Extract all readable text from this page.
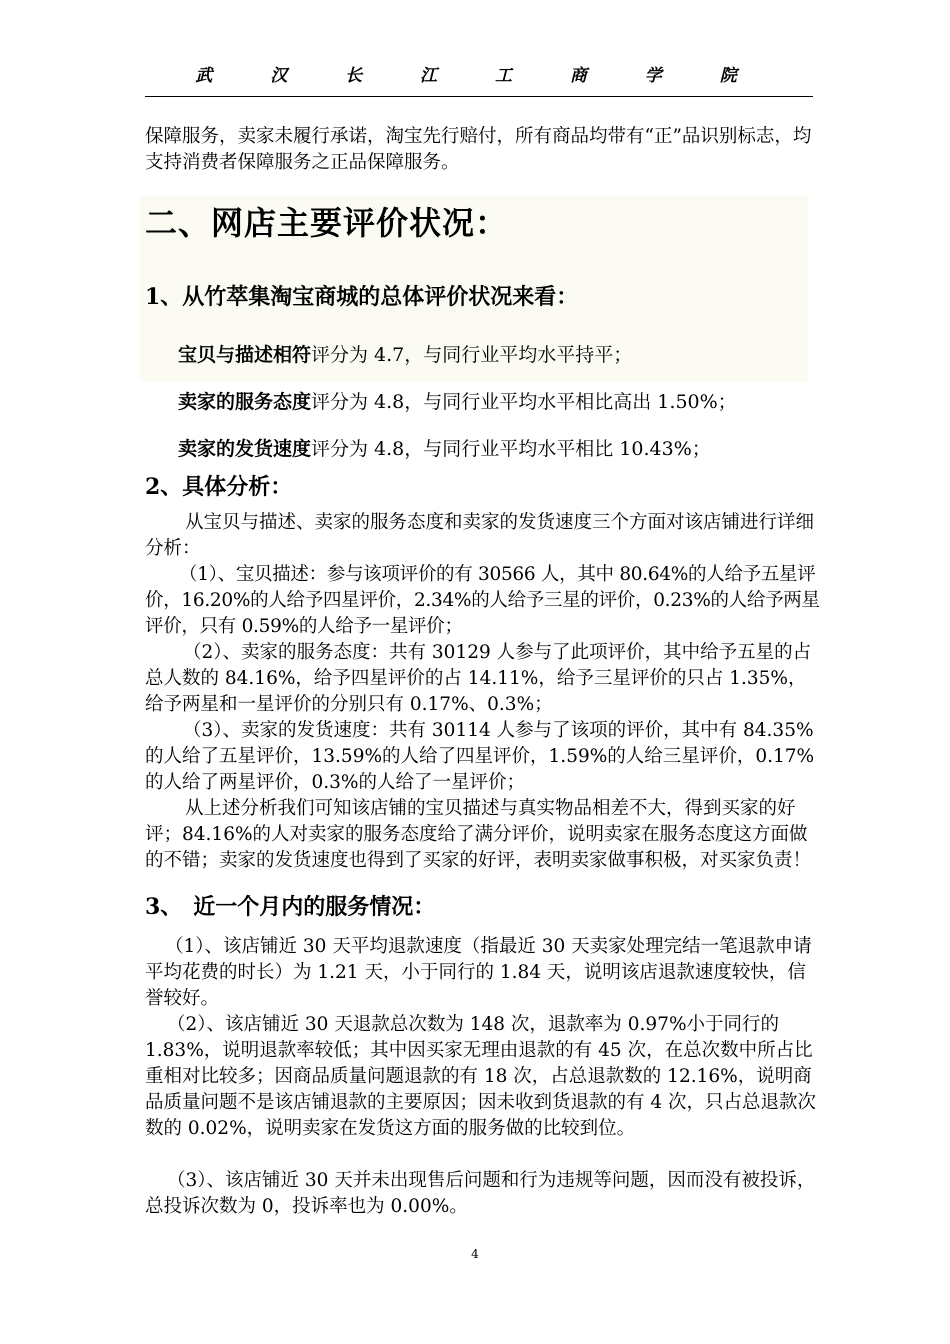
武 汉 长 江 工 商 学 院

保障服务，卖家未履行承诺，淘宝先行赔付，所有商品均带有“正”品识别标志，均支持消费者保障服务之正品保障服务。

二、网店主要评价状况：
1、从竹萃集淘宝商城的总体评价状况来看：

宝贝与描述相符评分为 4.7，与同行业平均水平持平；

卖家的服务态度评分为 4.8，与同行业平均水平相比高出 1.50%；

卖家的发货速度评分为 4.8，与同行业平均水平相比 10.43%；

2、具体分析：

从宝贝与描述、卖家的服务态度和卖家的发货速度三个方面对该店铺进行详细分析：

（1）、宝贝描述：参与该项评价的有 30566 人，其中 80.64%的人给予五星评价，16.20%的人给予四星评价，2.34%的人给予三星的评价，0.23%的人给予两星评价，只有 0.59%的人给予一星评价；

（2）、卖家的服务态度：共有 30129 人参与了此项评价，其中给予五星的占总人数的 84.16%，给予四星评价的占 14.11%，给予三星评价的只占 1.35%，给予两星和一星评价的分别只有 0.17%、0.3%；

（3）、卖家的发货速度：共有 30114 人参与了该项的评价，其中有 84.35%的人给了五星评价，13.59%的人给了四星评价，1.59%的人给三星评价，0.17%的人给了两星评价，0.3%的人给了一星评价；

从上述分析我们可知该店铺的宝贝描述与真实物品相差不大，得到买家的好评；84.16%的人对卖家的服务态度给了满分评价，说明卖家在服务态度这方面做的不错；卖家的发货速度也得到了买家的好评，表明卖家做事积极，对买家负责！

3、　近一个月内的服务情况：

（1）、该店铺近 30 天平均退款速度（指最近 30 天卖家处理完结一笔退款申请平均花费的时长）为 1.21 天，小于同行的 1.84 天，说明该店退款速度较快，信誉较好。

（2）、该店铺近 30 天退款总次数为 148 次，退款率为 0.97%小于同行的 1.83%，说明退款率较低；其中因买家无理由退款的有 45 次，在总次数中所占比重相对比较多；因商品质量问题退款的有 18 次，占总退款数的 12.16%，说明商品质量问题不是该店铺退款的主要原因；因未收到货退款的有 4 次，只占总退款次数的 0.02%，说明卖家在发货这方面的服务做的比较到位。

（3）、该店铺近 30 天并未出现售后问题和行为违规等问题，因而没有被投诉，总投诉次数为 0，投诉率也为 0.00%。

4
